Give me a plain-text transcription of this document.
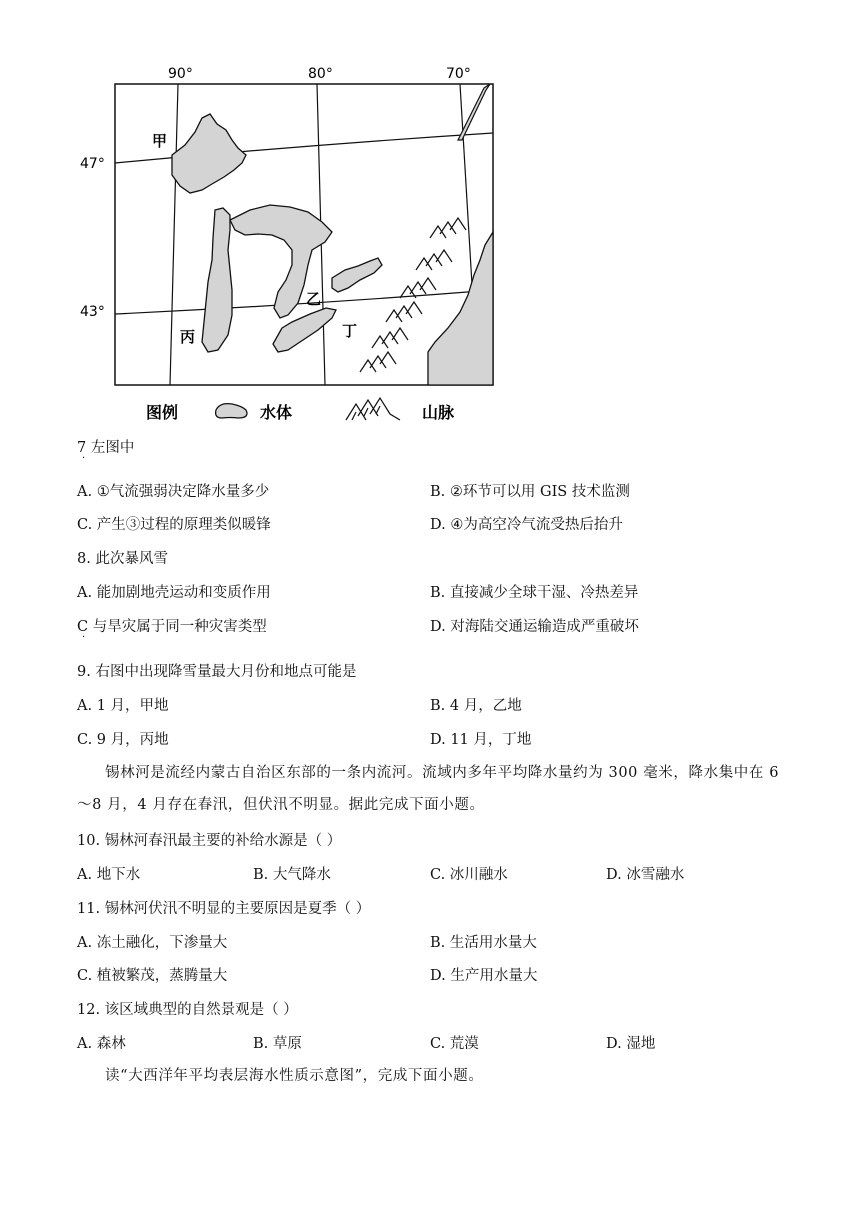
90°	80°	70°
47°
43°
甲
乙
丙	丁
图例	水体	山脉
7 左图中
·
A. ①气流强弱决定降水量多少	B. ②环节可以用 GIS 技术监测
C. 产生③过程的原理类似暖锋	D. ④为高空冷气流受热后抬升
8. 此次暴风雪
A. 能加剧地壳运动和变质作用	B. 直接减少全球干湿、冷热差异
C 与旱灾属于同一种灾害类型
·
D. 对海陆交通运输造成严重破坏
9. 右图中出现降雪量最大月份和地点可能是
A. 1 月，甲地	B. 4 月，乙地
C. 9 月，丙地	D. 11 月，丁地
锡林河是流经内蒙古自治区东部的一条内流河。流域内多年平均降水量约为 300 毫米，降水集中在 6～8 月，4 月存在春汛，但伏汛不明显。据此完成下面小题。
10. 锡林河春汛最主要的补给水源是（ ）
A. 地下水	B. 大气降水	C. 冰川融水	D. 冰雪融水
11. 锡林河伏汛不明显的主要原因是夏季（ ）
A. 冻土融化，下渗量大	B. 生活用水量大
C. 植被繁茂，蒸腾量大	D. 生产用水量大
12. 该区域典型的自然景观是（ ）
A. 森林	B. 草原	C. 荒漠	D. 湿地
读“大西洋年平均表层海水性质示意图”，完成下面小题。
